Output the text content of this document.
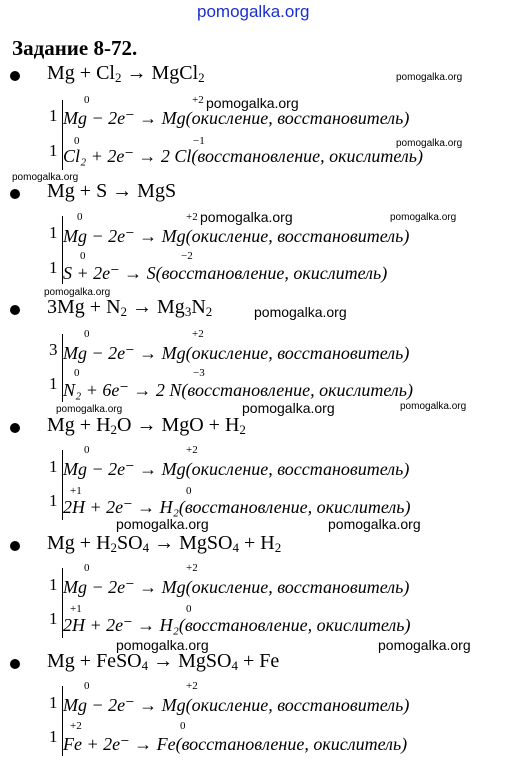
pomogalka.org
Задание 8-72.
$Mg + Cl_2$ → MgCl$_2$
1
0	+2
Mg − 2e⁻ → Mg(окисление, восстановитель)
1 0	−1
Cl₂ + 2e⁻ → 2 Cl(восстановление, окислитель)
Mg + S → MgS
1
0	+2
Mg − 2e⁻ → Mg(окисление, восстановитель)
1
0	−2
S + 2e⁻ → S(восстановление, окислитель)
$3Mg + N_2 \to Mg_3N_2$
3
0	+2
Mg − 2e⁻ → Mg(окисление, восстановитель)
1
0	−3
N₂ + 6e⁻ → 2 N(восстановление, окислитель)
$Mg + H_2O$ → MgO + $H_2$
1
0	+2
Mg − 2e⁻ → Mg(окисление, восстановитель)
1 +1	0
2H + 2e⁻ → H₂(восстановление, окислитель)
$Mg + H_2SO_4$ → MgSO$_4$ + $H_2$
1
0	+2
Mg − 2e⁻ → Mg(окисление, восстановитель)
1 +1	0
2H + 2e⁻ → H₂(восстановление, окислитель)
Mg + FeSO$_4$ → MgSO$_4$ + Fe
1
0	+2
Mg − 2e⁻ → Mg(окисление, восстановитель)
1
+2	0
Fe + 2e⁻ → Fe(восстановление, окислитель)
pomogalka.org
pomogalka.org
pomogalka.org
pomogalka.org
pomogalka.org	pomogalka.org
pomogalka.org
pomogalka.org
pomogalka.org	pomogalka.org	pomogalka.org
pomogalka.org	pomogalka.org
pomogalka.org	pomogalka.org
